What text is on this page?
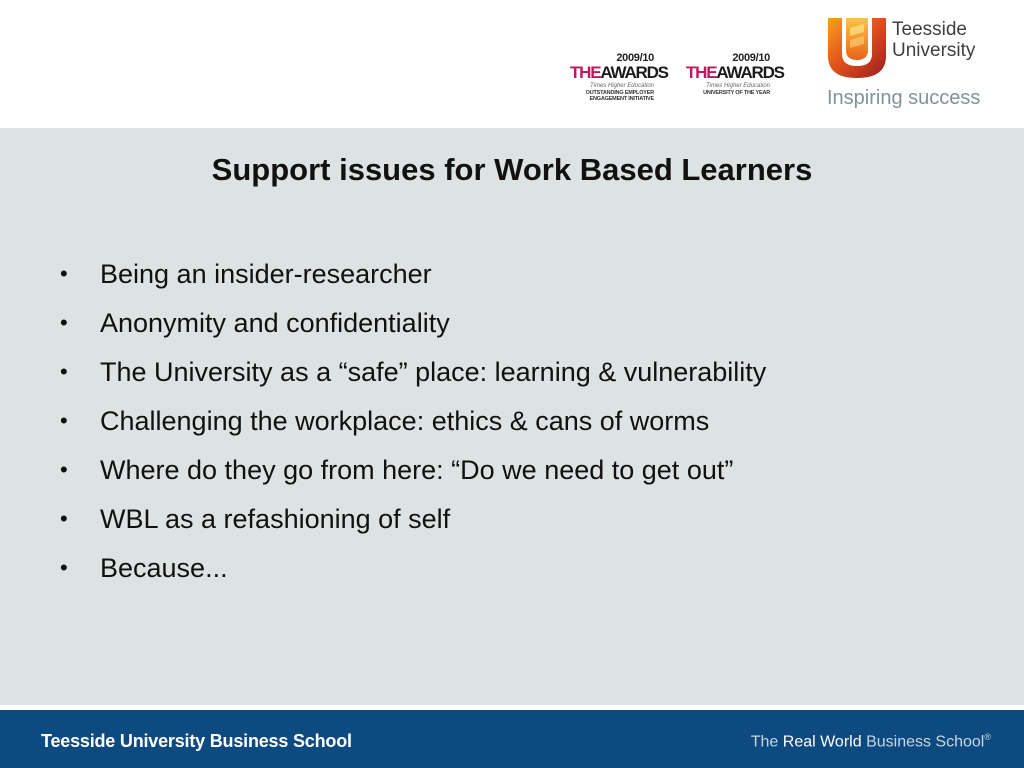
2009/10
THEAWARDS
Times Higher Education
OUTSTANDING EMPLOYER
ENGAGEMENT INITIATIVE
2009/10
THEAWARDS
Times Higher Education
UNIVERSITY OF THE YEAR
Teesside
University
Inspiring success
Support issues for Work Based Learners
• Being an insider-researcher
• Anonymity and confidentiality
• The University as a “safe” place: learning & vulnerability
• Challenging the workplace: ethics & cans of worms
• Where do they go from here: “Do we need to get out”
• WBL as a refashioning of self
• Because...
Teesside University Business School	The Real World Business School®
